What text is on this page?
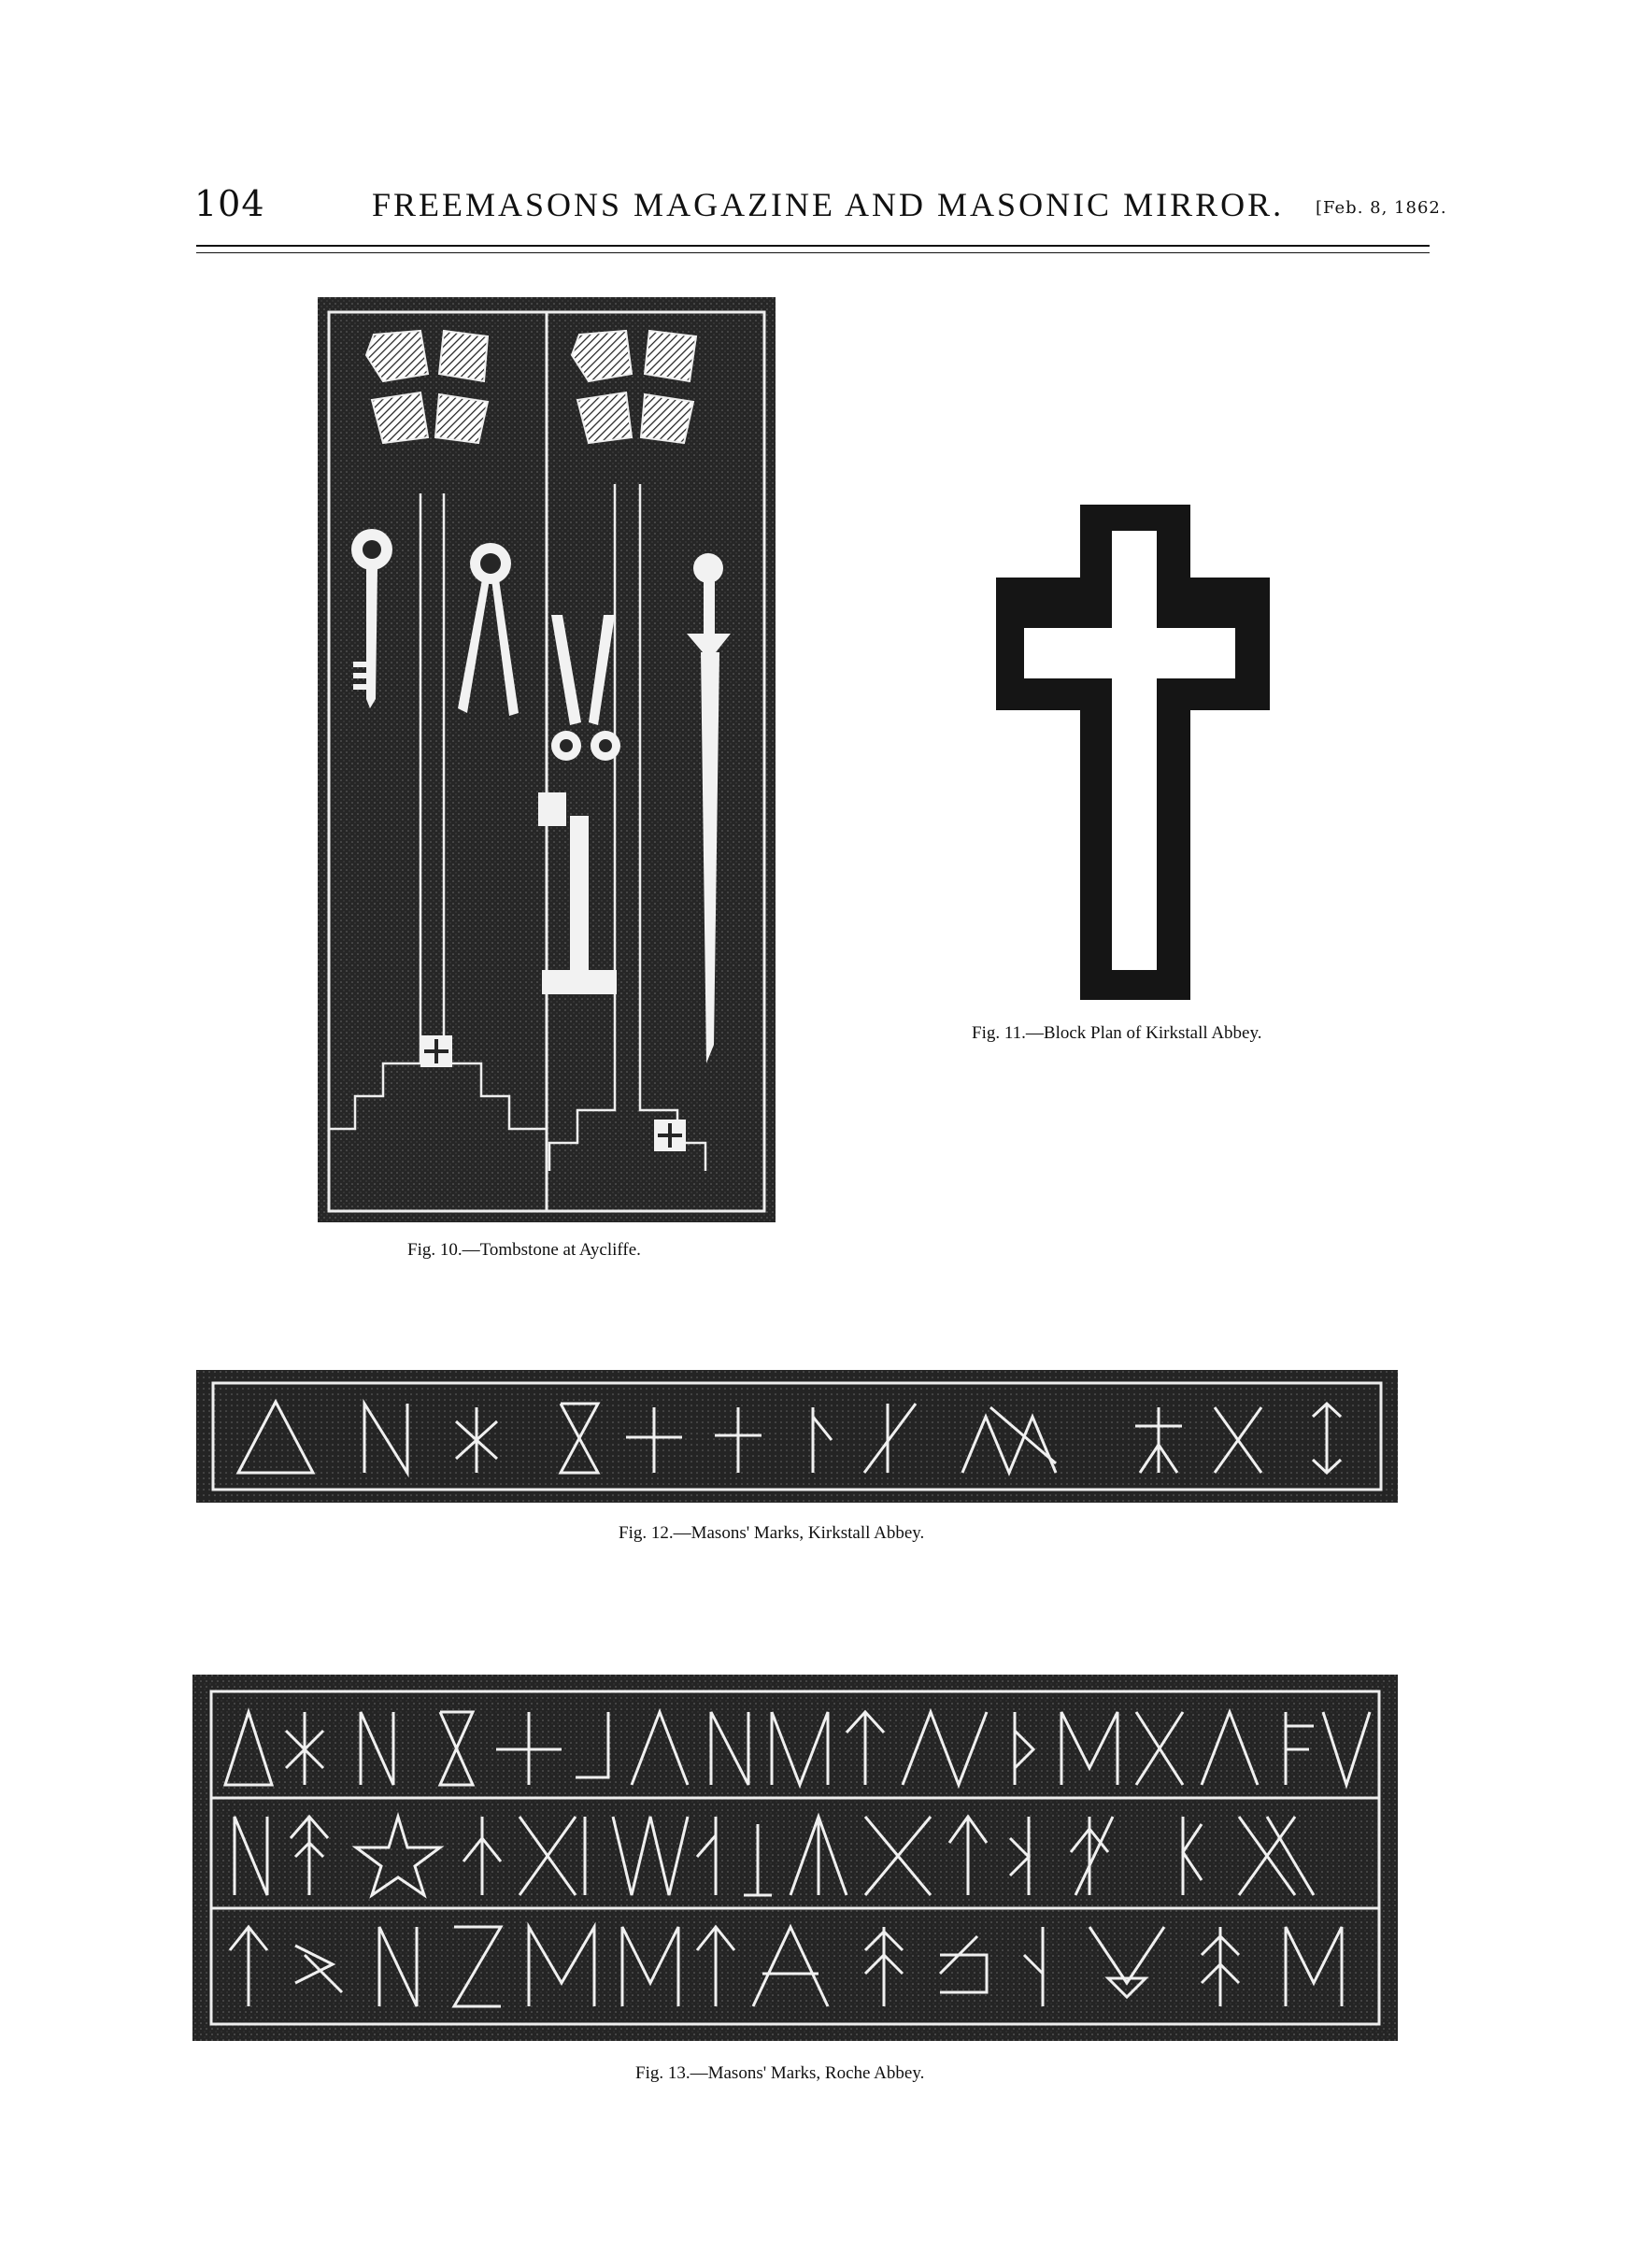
104	FREEMASONS MAGAZINE AND MASONIC MIRROR. [Feb. 8, 1862.
Fig. 10.—Tombstone at Aycliffe.
Fig. 11.—Block Plan of Kirkstall Abbey.
Fig. 12.—Masons' Marks, Kirkstall Abbey.
Fig. 13.—Masons' Marks, Roche Abbey.
